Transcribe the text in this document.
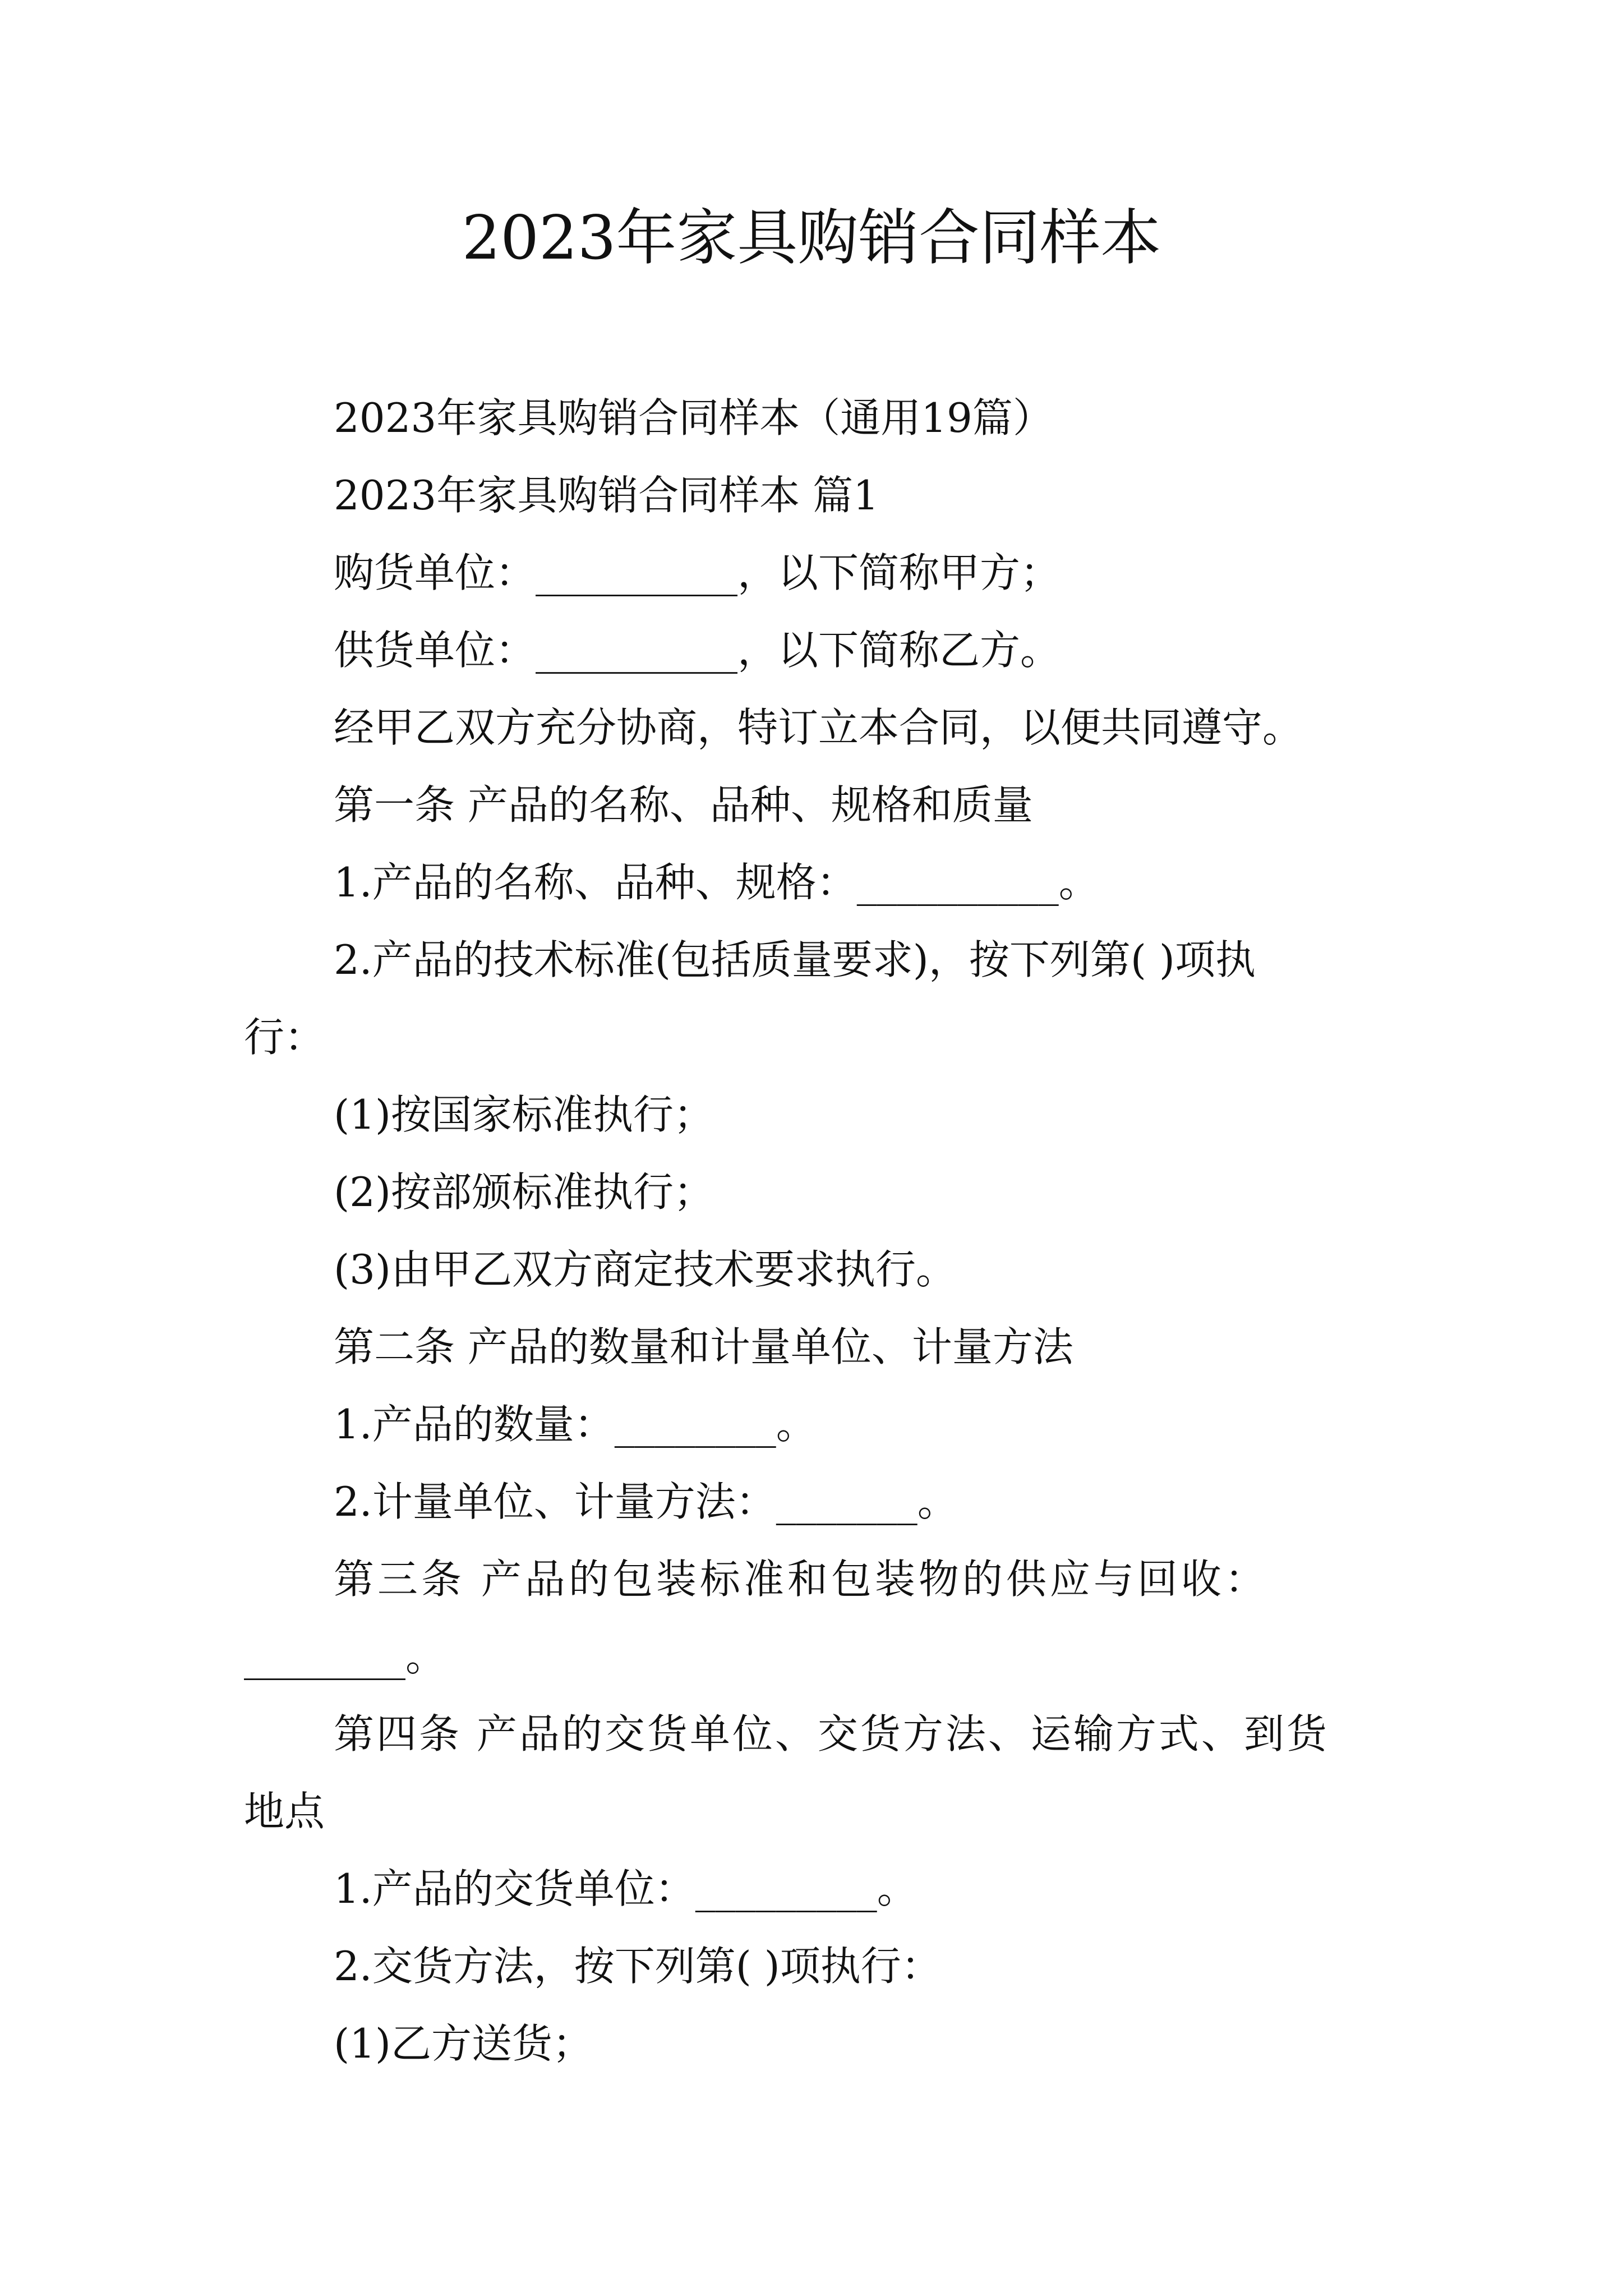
2023年家具购销合同样本
2023年家具购销合同样本（通用19篇）
2023年家具购销合同样本 篇1
购货单位：__________，以下简称甲方；
供货单位：__________，以下简称乙方。
经甲乙双方充分协商，特订立本合同，以便共同遵守。
第一条 产品的名称、品种、规格和质量
1.产品的名称、品种、规格：__________。
2.产品的技术标准(包括质量要求)，按下列第( )项执
行：
(1)按国家标准执行；
(2)按部颁标准执行；
(3)由甲乙双方商定技术要求执行。
第二条 产品的数量和计量单位、计量方法
1.产品的数量：________。
2.计量单位、计量方法：_______。
第三条 产品的包装标准和包装物的供应与回收：
________。
第四条 产品的交货单位、交货方法、运输方式、到货
地点
1.产品的交货单位：_________。
2.交货方法，按下列第( )项执行：
(1)乙方送货；
